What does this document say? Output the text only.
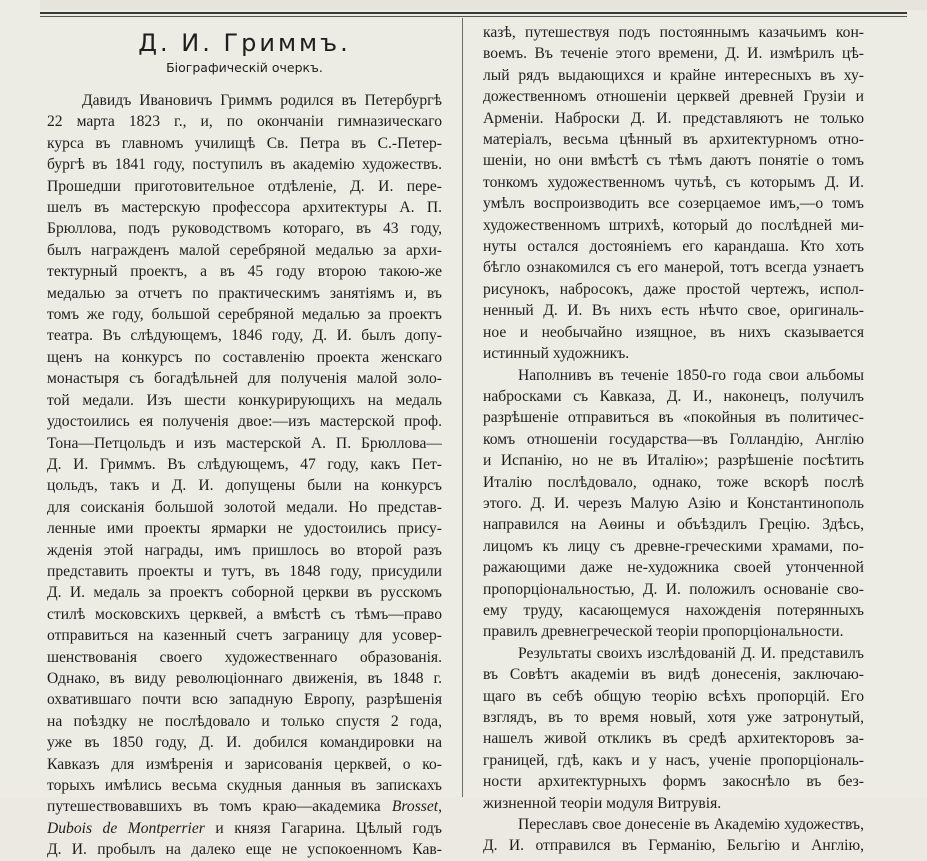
Д. И. Гриммъ.
Біографическій очеркъ.
Давидъ Ивановичъ Гриммъ родился въ Петербургѣ
22 марта 1823 г., и, по окончаніи гимназическаго
курса въ главномъ училищѣ Св. Петра въ С.-Петер-
бургѣ въ 1841 году, поступилъ въ академію художествъ.
Прошедши приготовительное отдѣленіе, Д. И. пере-
шелъ въ мастерскую профессора архитектуры А. П.
Брюллова, подъ руководствомъ котораго, въ 43 году,
былъ награжденъ малой серебряной медалью за архи-
тектурный проектъ, а въ 45 году второю такою-же
медалью за отчетъ по практическимъ занятіямъ и, въ
томъ же году, большой серебряной медалью за проектъ
театра. Въ слѣдующемъ, 1846 году, Д. И. былъ допу-
щенъ на конкурсъ по составленію проекта женскаго
монастыря съ богадѣльней для полученія малой золо-
той медали. Изъ шести конкурирующихъ на медаль
удостоились ея полученія двое:—изъ мастерской проф.
Тона—Петцольдъ и изъ мастерской А. П. Брюллова—
Д. И. Гриммъ. Въ слѣдующемъ, 47 году, какъ Пет-
цольдъ, такъ и Д. И. допущены были на конкурсъ
для соисканія большой золотой медали. Но представ-
ленные ими проекты ярмарки не удостоились прису-
жденія этой награды, имъ пришлось во второй разъ
представить проекты и тутъ, въ 1848 году, присудили
Д. И. медаль за проектъ соборной церкви въ русскомъ
стилѣ московскихъ церквей, а вмѣстѣ съ тѣмъ—право
отправиться на казенный счетъ заграницу для усовер-
шенствованія своего художественнаго образованія.
Однако, въ виду революціоннаго движенія, въ 1848 г.
охватившаго почти всю западную Европу, разрѣшенія
на поѣздку не послѣдовало и только спустя 2 года,
уже въ 1850 году, Д. И. добился командировки на
Кавказъ для измѣренія и зарисованія церквей, о ко-
торыхъ имѣлись весьма скудныя данныя въ запискахъ
путешествовавшихъ въ томъ краю—академика Brosset,
Dubois de Montperrier и князя Гагарина. Цѣлый годъ
Д. И. пробылъ на далеко еще не успокоенномъ Кав-
казѣ, путешествуя подъ постояннымъ казачьимъ кон-
воемъ. Въ теченіе этого времени, Д. И. измѣрилъ цѣ-
лый рядъ выдающихся и крайне интересныхъ въ ху-
дожественномъ отношеніи церквей древней Грузіи и
Арменіи. Наброски Д. И. представляютъ не только
матеріалъ, весьма цѣнный въ архитектурномъ отно-
шеніи, но они вмѣстѣ съ тѣмъ даютъ понятіе о томъ
тонкомъ художественномъ чутьѣ, съ которымъ Д. И.
умѣлъ воспроизводить все созерцаемое имъ,—о томъ
художественномъ штрихѣ, который до послѣдней ми-
нуты остался достояніемъ его карандаша. Кто хоть
бѣгло ознакомился съ его манерой, тотъ всегда узнаетъ
рисунокъ, набросокъ, даже простой чертежъ, испол-
ненный Д. И. Въ нихъ есть нѣчто свое, оригиналь-
ное и необычайно изящное, въ нихъ сказывается
истинный художникъ.
Наполнивъ въ теченіе 1850-го года свои альбомы
набросками съ Кавказа, Д. И., наконецъ, получилъ
разрѣшеніе отправиться въ «покойныя въ политичес-
комъ отношеніи государства—въ Голландію, Англію
и Испанію, но не въ Италію»; разрѣшеніе посѣтить
Италію послѣдовало, однако, тоже вскорѣ послѣ
этого. Д. И. черезъ Малую Азію и Константинополь
направился на Аѳины и объѣздилъ Грецію. Здѣсь,
лицомъ къ лицу съ древне-греческими храмами, по-
ражающими даже не-художника своей утонченной
пропорціональностью, Д. И. положилъ основаніе сво-
ему труду, касающемуся нахожденія потерянныхъ
правилъ древнегреческой теоріи пропорціональности.
Результаты своихъ изслѣдованій Д. И. представилъ
въ Совѣтъ академіи въ видѣ донесенія, заключаю-
щаго въ себѣ общую теорію всѣхъ пропорцій. Его
взглядъ, въ то время новый, хотя уже затронутый,
нашелъ живой откликъ въ средѣ архитекторовъ за-
границей, гдѣ, какъ и у насъ, ученіе пропорціональ-
ности архитектурныхъ формъ закоснѣло въ без-
жизненной теоріи модуля Витрувія.
Переславъ свое донесеніе въ Академію художествъ,
Д. И. отправился въ Германію, Бельгію и Англію,
